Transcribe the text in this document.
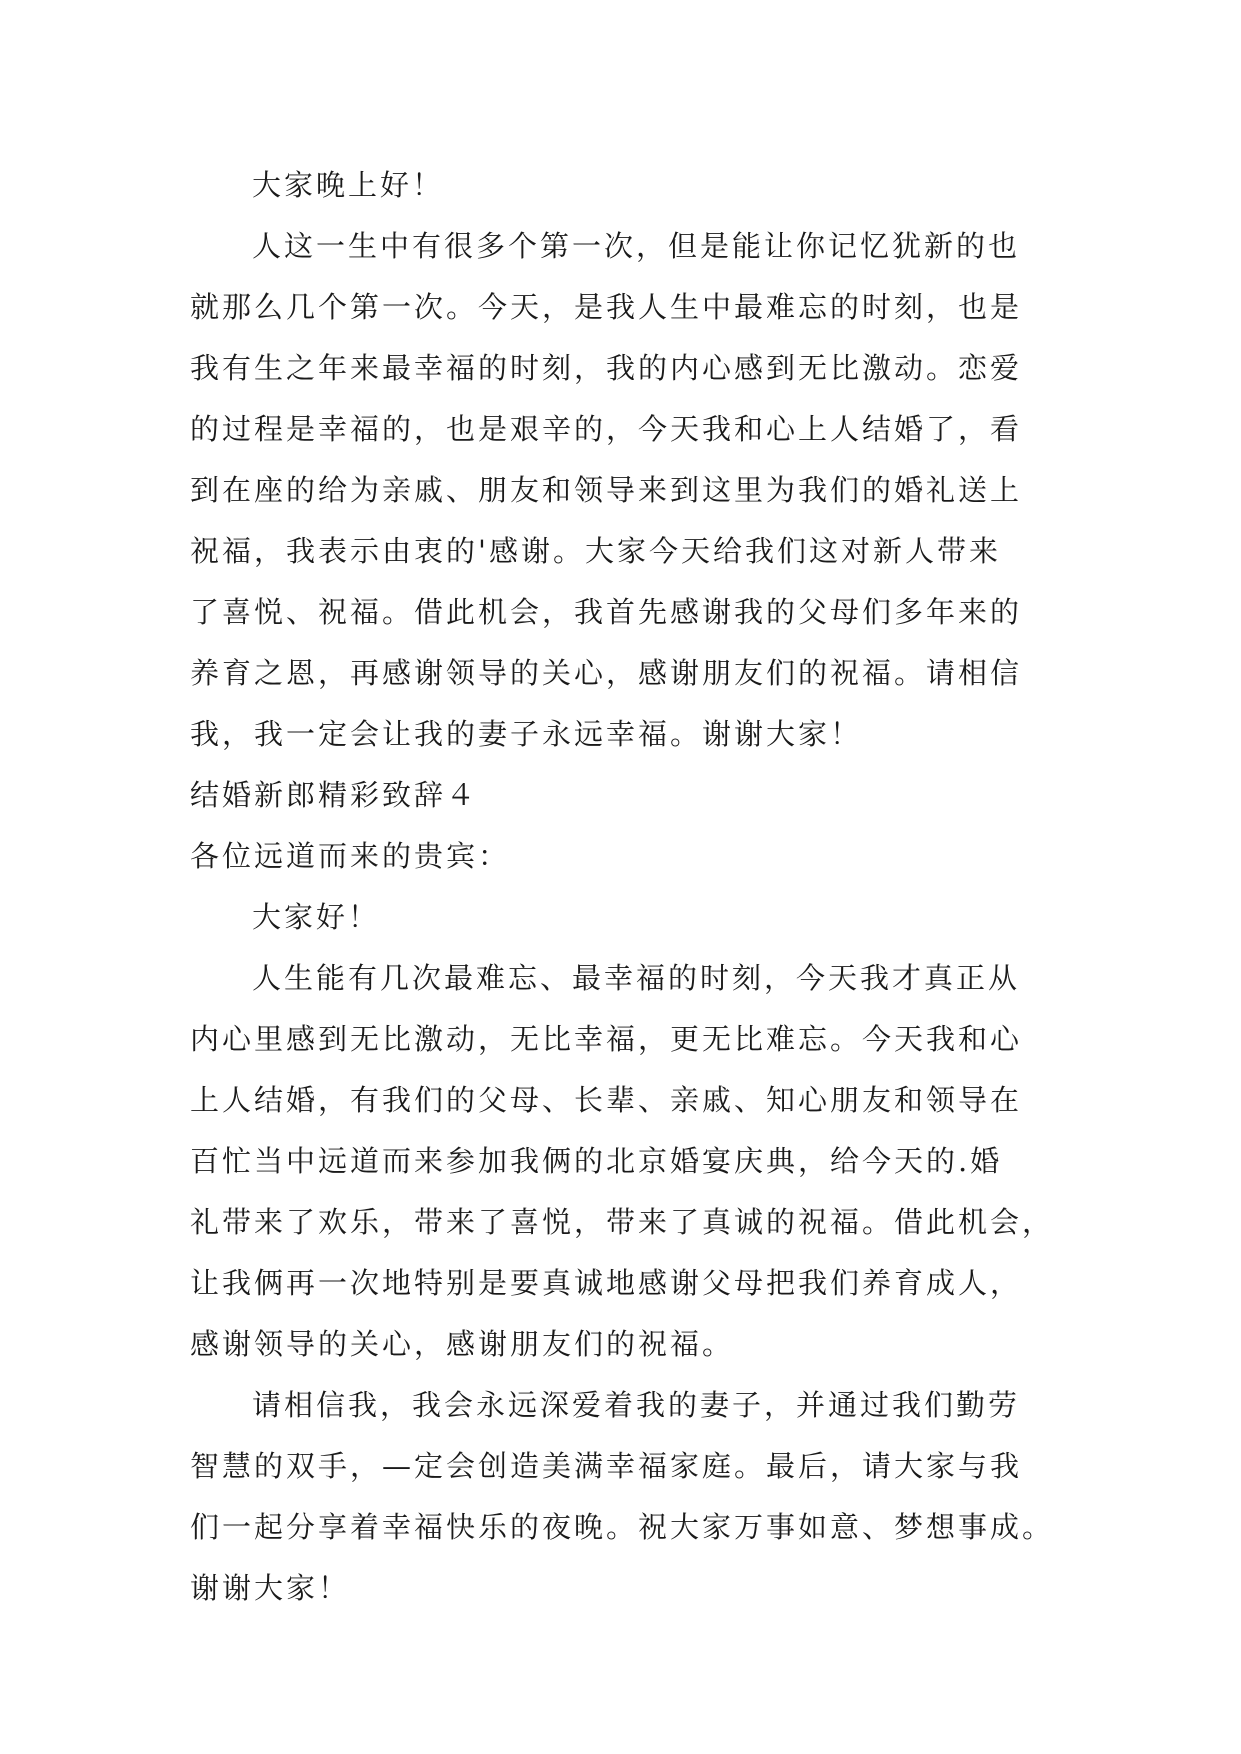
大家晚上好！
人这一生中有很多个第一次，但是能让你记忆犹新的也
就那么几个第一次。今天，是我人生中最难忘的时刻，也是
我有生之年来最幸福的时刻，我的内心感到无比激动。恋爱
的过程是幸福的，也是艰辛的，今天我和心上人结婚了，看
到在座的给为亲戚、朋友和领导来到这里为我们的婚礼送上
祝福，我表示由衷的'感谢。大家今天给我们这对新人带来
了喜悦、祝福。借此机会，我首先感谢我的父母们多年来的
养育之恩，再感谢领导的关心，感谢朋友们的祝福。请相信
我，我一定会让我的妻子永远幸福。谢谢大家！
结婚新郎精彩致辞４
各位远道而来的贵宾：
大家好！
人生能有几次最难忘、最幸福的时刻，今天我才真正从
内心里感到无比激动，无比幸福，更无比难忘。今天我和心
上人结婚，有我们的父母、长辈、亲戚、知心朋友和领导在
百忙当中远道而来参加我俩的北京婚宴庆典，给今天的.婚
礼带来了欢乐，带来了喜悦，带来了真诚的祝福。借此机会，
让我俩再一次地特别是要真诚地感谢父母把我们养育成人，
感谢领导的关心，感谢朋友们的祝福。
请相信我，我会永远深爱着我的妻子，并通过我们勤劳
智慧的双手，—定会创造美满幸福家庭。最后，请大家与我
们一起分享着幸福快乐的夜晚。祝大家万事如意、梦想事成。
谢谢大家！
